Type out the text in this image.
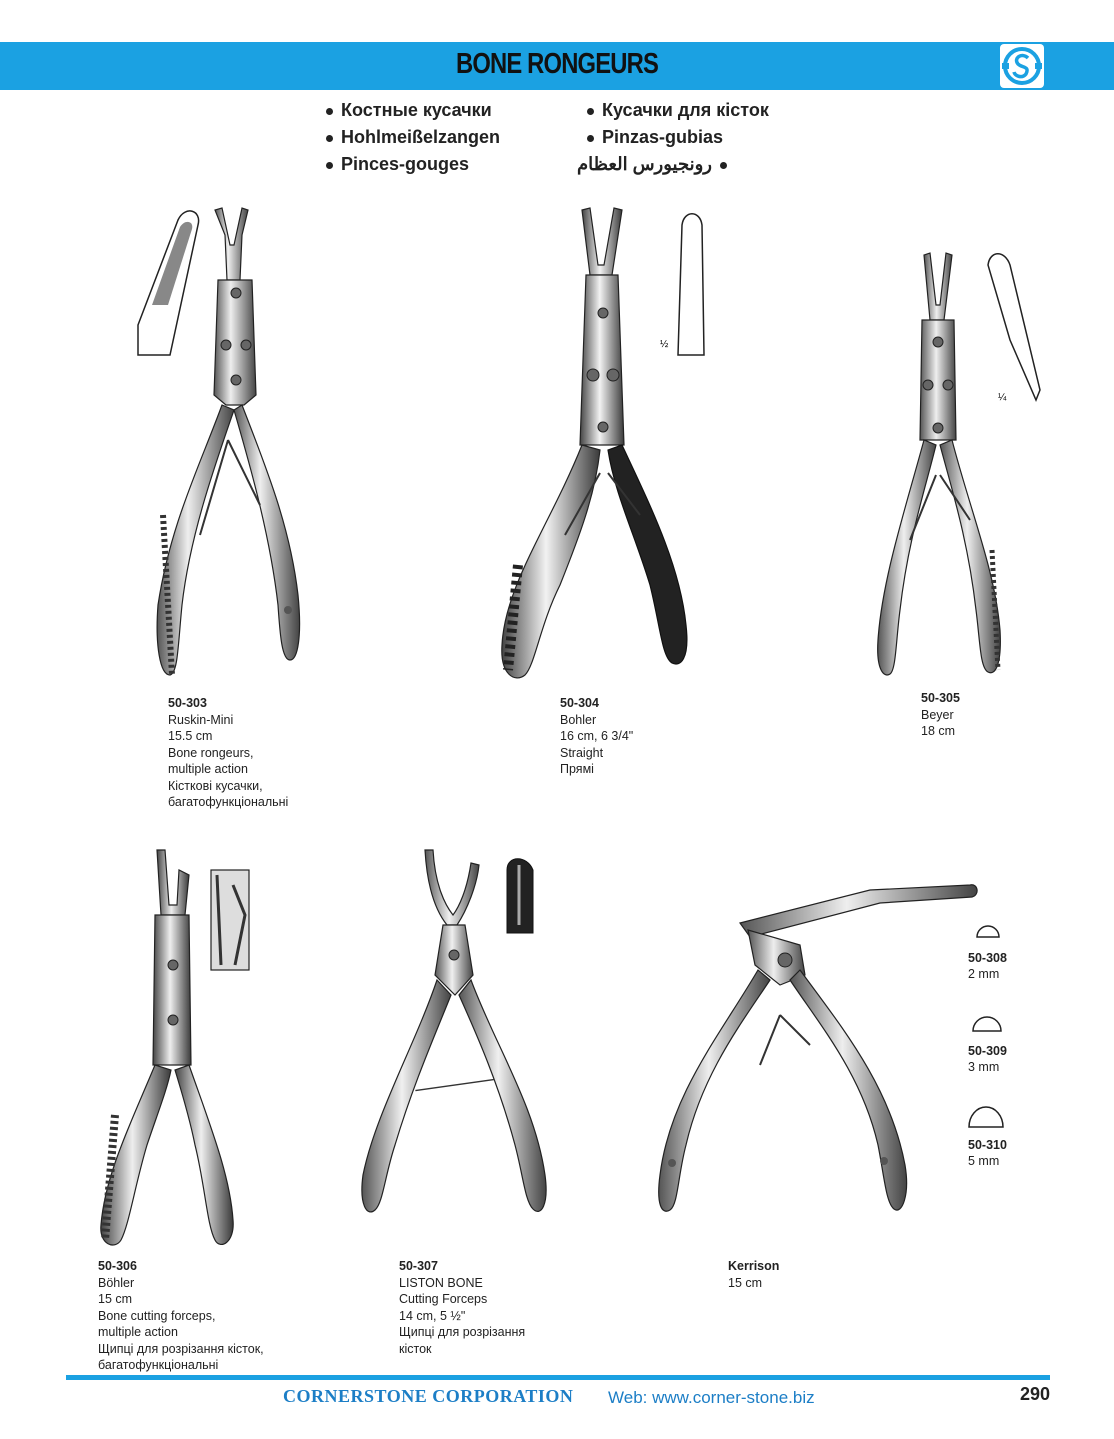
BONE RONGEURS
Костные кусачки
Hohlmeißelzangen
Pinces-gouges
Кусачки для кісток
Pinzas-gubias
رونجيورس العظام
½
¼
50-308
2 mm
50-309
3 mm
50-310
5 mm
50-303
Ruskin-Mini
15.5 cm
Bone rongeurs,
multiple action
Кісткові кусачки,
багатофункціональні
50-304
Bohler
16 cm, 6 3/4"
Straight
Прямі
50-305
Beyer
18 cm
50-306
Böhler
15 cm
Bone cutting forceps,
multiple action
Щипці для розрізання кісток,
багатофункціональні
50-307
LISTON BONE
Cutting Forceps
14 cm, 5 ½"
Щипці для розрізання
кісток
Kerrison
15 cm
CORNERSTONE CORPORATION Web: www.corner-stone.biz	290
